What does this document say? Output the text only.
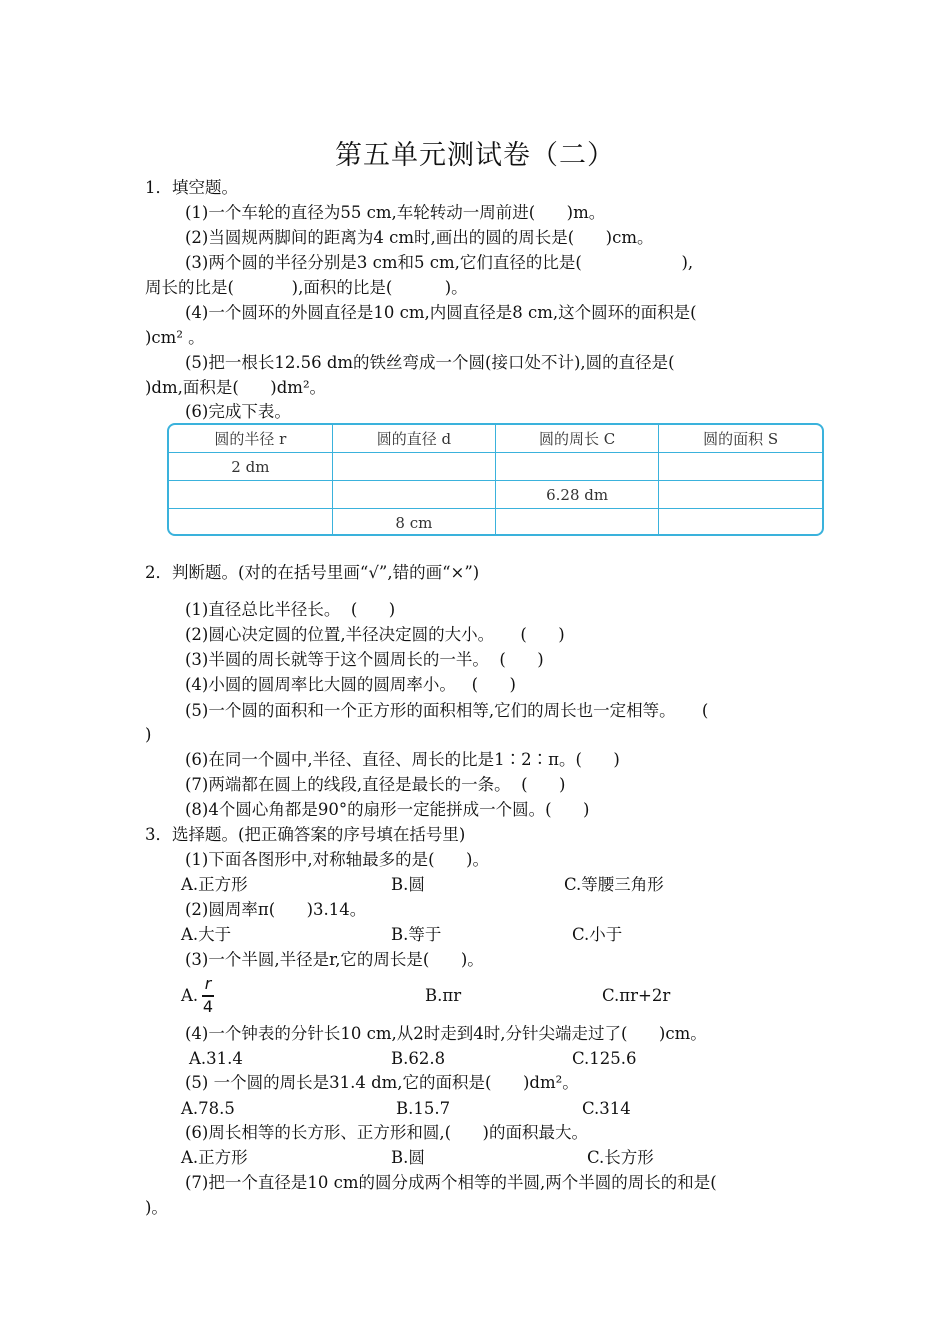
第五单元测试卷（二）
1．填空题。
(1)一个车轮的直径为55 cm,车轮转动一周前进(      )m。
(2)当圆规两脚间的距离为4 cm时,画出的圆的周长是(      )cm。
(3)两个圆的半径分别是3 cm和5 cm,它们直径的比是(                   ),
周长的比是(           ),面积的比是(          )。
(4)一个圆环的外圆直径是10 cm,内圆直径是8 cm,这个圆环的面积是(
)cm² 。
(5)把一根长12.56 dm的铁丝弯成一个圆(接口处不计),圆的直径是(
)dm,面积是(      )dm²。
(6)完成下表。
圆的半径 r	圆的直径 d	圆的周长 C	圆的面积 S
2 dm			
		6.28 dm	
	8 cm		
2．判断题。(对的在括号里画“√”,错的画“×”)
(1)直径总比半径长。  (      )
(2)圆心决定圆的位置,半径决定圆的大小。     (      )
(3)半圆的周长就等于这个圆周长的一半。  (      )
(4)小圆的圆周率比大圆的圆周率小。   (      )
(5)一个圆的面积和一个正方形的面积相等,它们的周长也一定相等。     (
)
(6)在同一个圆中,半径、直径、周长的比是1∶2∶π。(      )
(7)两端都在圆上的线段,直径是最长的一条。  (      )
(8)4个圆心角都是90°的扇形一定能拼成一个圆。(      )
3．选择题。(把正确答案的序号填在括号里)
(1)下面各图形中,对称轴最多的是(      )。
A.正方形	B.圆	C.等腰三角形
(2)圆周率π(      )3.14。
A.大于	B.等于	C.小于
(3)一个半圆,半径是r,它的周长是(      )。
A.
r
4
B.πr	C.πr+2r
(4)一个钟表的分针长10 cm,从2时走到4时,分针尖端走过了(      )cm。
A.31.4	B.62.8	C.125.6
(5) 一个圆的周长是31.4 dm,它的面积是(      )dm²。
A.78.5	B.15.7	C.314
(6)周长相等的长方形、正方形和圆,(      )的面积最大。
A.正方形	B.圆	C.长方形
(7)把一个直径是10 cm的圆分成两个相等的半圆,两个半圆的周长的和是(
)。
